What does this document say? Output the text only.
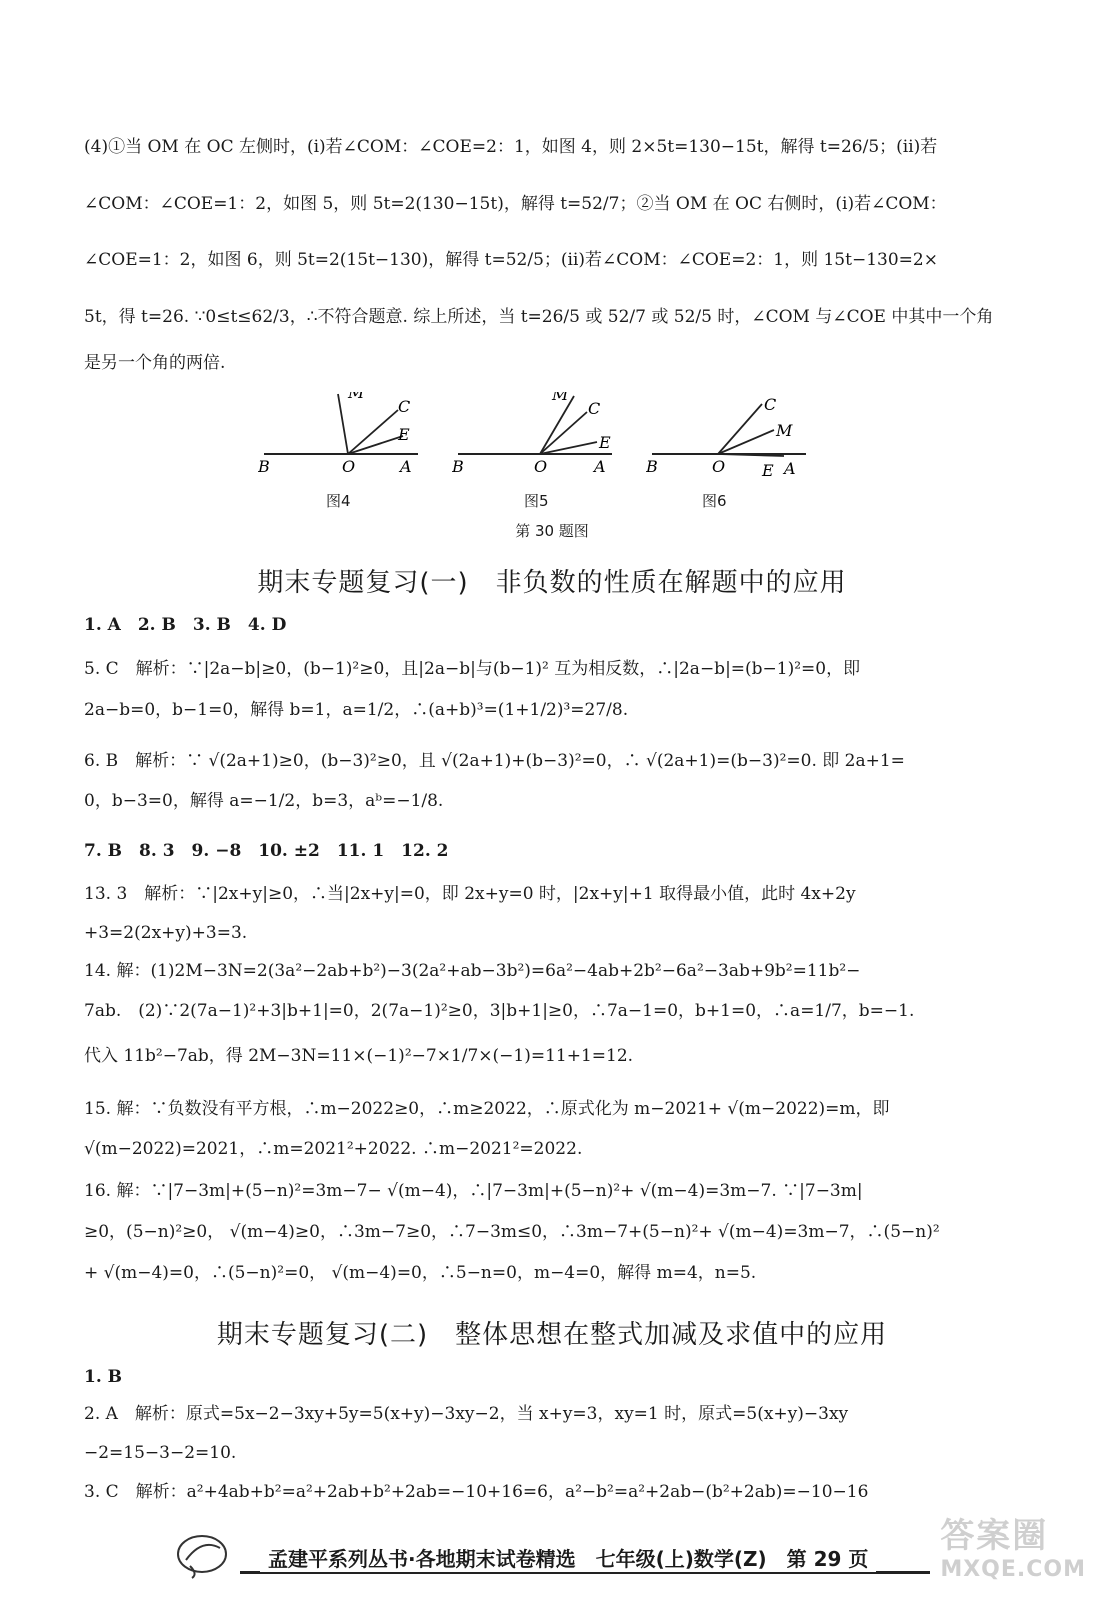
(4)①当 OM 在 OC 左侧时，(ⅰ)若∠COM：∠COE=2：1，如图 4，则 2×5t=130−15t，解得 t=26/5；(ⅱ)若
∠COM：∠COE=1：2，如图 5，则 5t=2(130−15t)，解得 t=52/7；②当 OM 在 OC 右侧时，(ⅰ)若∠COM：
∠COE=1：2，如图 6，则 5t=2(15t−130)，解得 t=52/5；(ⅱ)若∠COM：∠COE=2：1，则 15t−130=2×
5t，得 t=26. ∵0≤t≤62/3，∴不符合题意. 综上所述，当 t=26/5 或 52/7 或 52/5 时，∠COM 与∠COE 中其中一个角
是另一个角的两倍.
B	O	A
M
C
E
图4
B	O	A
M
C
E
图5
B	O	A
M
C
E
图6
第 30 题图
期末专题复习(一)　非负数的性质在解题中的应用
1. A　2. B　3. B　4. D
5. C　解析：∵|2a−b|≥0，(b−1)²≥0，且|2a−b|与(b−1)² 互为相反数，∴|2a−b|=(b−1)²=0，即
2a−b=0，b−1=0，解得 b=1，a=1/2，∴(a+b)³=(1+1/2)³=27/8.
6. B　解析：∵ √(2a+1)≥0，(b−3)²≥0，且 √(2a+1)+(b−3)²=0，∴ √(2a+1)=(b−3)²=0. 即 2a+1=
0，b−3=0，解得 a=−1/2，b=3，aᵇ=−1/8.
7. B　8. 3　9. −8　10. ±2　11. 1　12. 2
13. 3　解析：∵|2x+y|≥0，∴当|2x+y|=0，即 2x+y=0 时，|2x+y|+1 取得最小值，此时 4x+2y
+3=2(2x+y)+3=3.
14. 解：(1)2M−3N=2(3a²−2ab+b²)−3(2a²+ab−3b²)=6a²−4ab+2b²−6a²−3ab+9b²=11b²−
7ab.　(2)∵2(7a−1)²+3|b+1|=0，2(7a−1)²≥0，3|b+1|≥0，∴7a−1=0，b+1=0，∴a=1/7，b=−1.
代入 11b²−7ab，得 2M−3N=11×(−1)²−7×1/7×(−1)=11+1=12.
15. 解：∵负数没有平方根，∴m−2022≥0，∴m≥2022，∴原式化为 m−2021+ √(m−2022)=m，即
√(m−2022)=2021，∴m=2021²+2022. ∴m−2021²=2022.
16. 解：∵|7−3m|+(5−n)²=3m−7− √(m−4)，∴|7−3m|+(5−n)²+ √(m−4)=3m−7. ∵|7−3m|
≥0，(5−n)²≥0， √(m−4)≥0，∴3m−7≥0，∴7−3m≤0，∴3m−7+(5−n)²+ √(m−4)=3m−7，∴(5−n)²
+ √(m−4)=0，∴(5−n)²=0， √(m−4)=0，∴5−n=0，m−4=0，解得 m=4，n=5.
期末专题复习(二)　整体思想在整式加减及求值中的应用
1. B
2. A　解析：原式=5x−2−3xy+5y=5(x+y)−3xy−2，当 x+y=3，xy=1 时，原式=5(x+y)−3xy
−2=15−3−2=10.
3. C　解析：a²+4ab+b²=a²+2ab+b²+2ab=−10+16=6，a²−b²=a²+2ab−(b²+2ab)=−10−16
孟建平系列丛书·各地期末试卷精选　七年级(上)数学(Z)　第 29 页
答案圈
MXQE.COM
